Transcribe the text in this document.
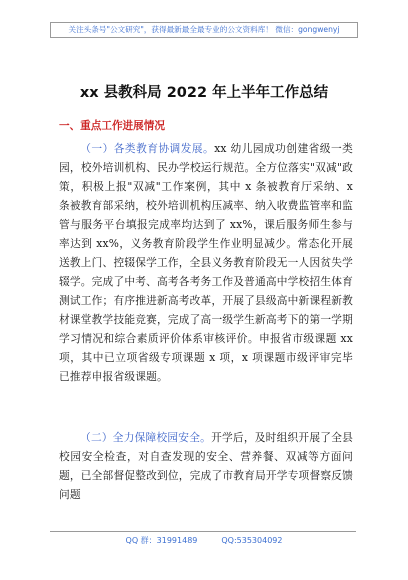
关注头条号"公文研究"，获得最新最全最专业的公文资料库！ 微信：gongwenyj
xx 县教科局 2022 年上半年工作总结
一、重点工作进展情况
（一）各类教育协调发展。xx 幼儿园成功创建省级一类园，校外培训机构、民办学校运行规范。全方位落实"双减"政策，积极上报"双减"工作案例，其中 x 条被教育厅采纳、x 条被教育部采纳，校外培训机构压减率、纳入收费监管率和监管与服务平台填报完成率均达到了 xx%，课后服务师生参与率达到 xx%，义务教育阶段学生作业明显减少。常态化开展送教上门、控辍保学工作，全县义务教育阶段无一人因贫失学辍学。完成了中考、高考各考务工作及普通高中学校招生体育测试工作；有序推进新高考改革，开展了县级高中新课程新教材课堂教学技能竞赛，完成了高一级学生新高考下的第一学期学习情况和综合素质评价体系审核评价。申报省市级课题 xx 项，其中已立项省级专项课题 x 项，x 项课题市级评审完毕已推荐申报省级课题。
（二）全力保障校园安全。开学后，及时组织开展了全县校园安全检查，对自查发现的安全、营养餐、双减等方面问题，已全部督促整改到位，完成了市教育局开学专项督察反馈问题
QQ 群：31991489	QQ:535304092
